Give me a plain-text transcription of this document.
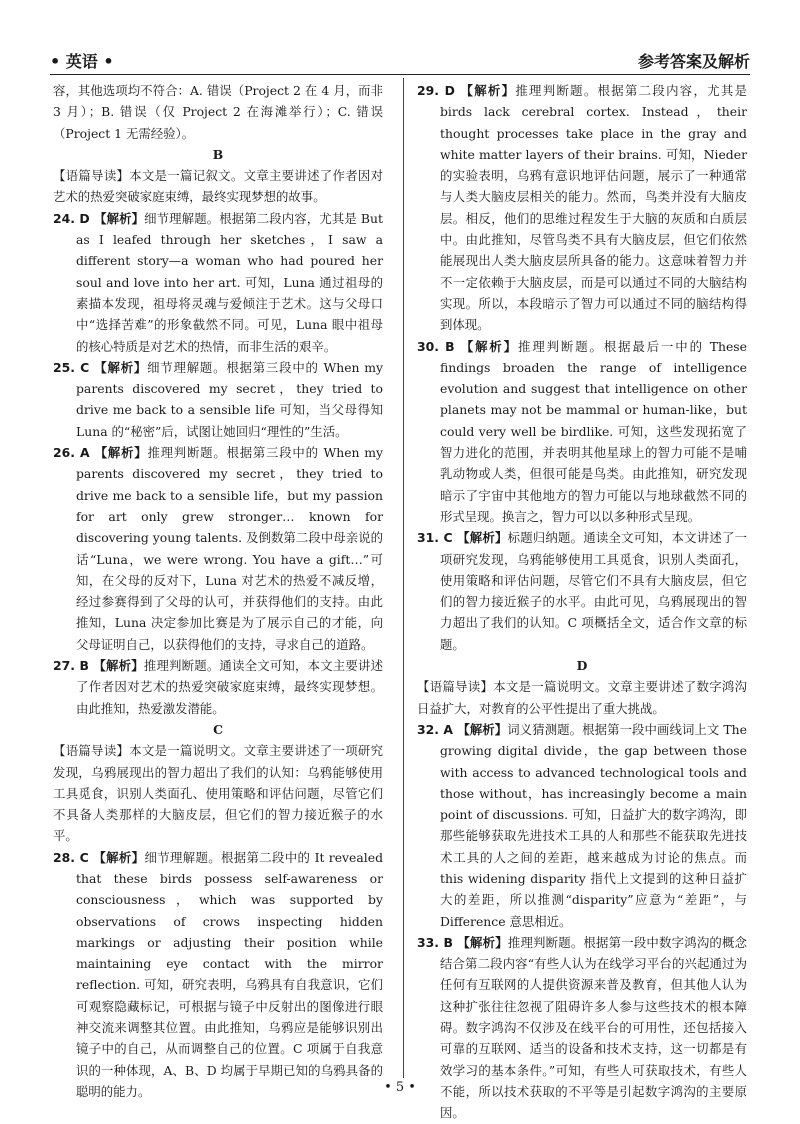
• 英语 •	参考答案及解析

容，其他选项均不符合：A. 错误（Project 2 在 4 月，而非 3 月）；B. 错误（仅 Project 2 在海滩举行）；C. 错误（Project 1 无需经验）。

B

【语篇导读】本文是一篇记叙文。文章主要讲述了作者因对艺术的热爱突破家庭束缚，最终实现梦想的故事。

24. D 【解析】细节理解题。根据第二段内容，尤其是 But as I leafed through her sketches，I saw a different story—a woman who had poured her soul and love into her art. 可知，Luna 通过祖母的素描本发现，祖母将灵魂与爱倾注于艺术。这与父母口中“选择苦难”的形象截然不同。可见，Luna 眼中祖母的核心特质是对艺术的热情，而非生活的艰辛。

25. C 【解析】细节理解题。根据第三段中的 When my parents discovered my secret，they tried to drive me back to a sensible life 可知，当父母得知 Luna 的“秘密”后，试图让她回归“理性的”生活。

26. A 【解析】推理判断题。根据第三段中的 When my parents discovered my secret，they tried to drive me back to a sensible life，but my passion for art only grew stronger… known for discovering young talents. 及倒数第二段中母亲说的话“Luna，we were wrong. You have a gift…”可知，在父母的反对下，Luna 对艺术的热爱不减反增，经过参赛得到了父母的认可，并获得他们的支持。由此推知，Luna 决定参加比赛是为了展示自己的才能，向父母证明自己，以获得他们的支持，寻求自己的道路。

27. B 【解析】推理判断题。通读全文可知，本文主要讲述了作者因对艺术的热爱突破家庭束缚，最终实现梦想。由此推知，热爱激发潜能。

C

【语篇导读】本文是一篇说明文。文章主要讲述了一项研究发现，乌鸦展现出的智力超出了我们的认知：乌鸦能够使用工具觅食，识别人类面孔、使用策略和评估问题，尽管它们不具备人类那样的大脑皮层，但它们的智力接近猴子的水平。

28. C 【解析】细节理解题。根据第二段中的 It revealed that these birds possess self-awareness or consciousness，which was supported by observations of crows inspecting hidden markings or adjusting their position while maintaining eye contact with the mirror reflection. 可知，研究表明，乌鸦具有自我意识，它们可观察隐藏标记，可根据与镜子中反射出的图像进行眼神交流来调整其位置。由此推知，乌鸦应是能够识别出镜子中的自己，从而调整自己的位置。C 项属于自我意识的一种体现，A、B、D 均属于早期已知的乌鸦具备的聪明的能力。

29. D 【解析】推理判断题。根据第二段内容，尤其是 birds lack cerebral cortex. Instead，their thought processes take place in the gray and white matter layers of their brains. 可知，Nieder 的实验表明，乌鸦有意识地评估问题，展示了一种通常与人类大脑皮层相关的能力。然而，鸟类并没有大脑皮层。相反，他们的思维过程发生于大脑的灰质和白质层中。由此推知，尽管鸟类不具有大脑皮层，但它们依然能展现出人类大脑皮层所具备的能力。这意味着智力并不一定依赖于大脑皮层，而是可以通过不同的大脑结构实现。所以，本段暗示了智力可以通过不同的脑结构得到体现。

30. B 【解析】推理判断题。根据最后一中的 These findings broaden the range of intelligence evolution and suggest that intelligence on other planets may not be mammal or human-like，but could very well be birdlike. 可知，这些发现拓宽了智力进化的范围，并表明其他星球上的智力可能不是哺乳动物或人类，但很可能是鸟类。由此推知，研究发现暗示了宇宙中其他地方的智力可能以与地球截然不同的形式呈现。换言之，智力可以以多种形式呈现。

31. C 【解析】标题归纳题。通读全文可知，本文讲述了一项研究发现，乌鸦能够使用工具觅食，识别人类面孔，使用策略和评估问题，尽管它们不具有大脑皮层，但它们的智力接近猴子的水平。由此可见，乌鸦展现出的智力超出了我们的认知。C 项概括全文，适合作文章的标题。

D

【语篇导读】本文是一篇说明文。文章主要讲述了数字鸿沟日益扩大，对教育的公平性提出了重大挑战。

32. A 【解析】词义猜测题。根据第一段中画线词上文 The growing digital divide，the gap between those with access to advanced technological tools and those without，has increasingly become a main point of discussions. 可知，日益扩大的数字鸿沟，即那些能够获取先进技术工具的人和那些不能获取先进技术工具的人之间的差距，越来越成为讨论的焦点。而 this widening disparity 指代上文提到的这种日益扩大的差距，所以推测“disparity”应意为“差距”，与 Difference 意思相近。

33. B 【解析】推理判断题。根据第一段中数字鸿沟的概念结合第二段内容“有些人认为在线学习平台的兴起通过为任何有互联网的人提供资源来普及教育，但其他人认为这种扩张往往忽视了阻碍许多人参与这些技术的根本障碍。数字鸿沟不仅涉及在线平台的可用性，还包括接入可靠的互联网、适当的设备和技术支持，这一切都是有效学习的基本条件。”可知，有些人可获取技术，有些人不能，所以技术获取的不平等是引起数字鸿沟的主要原因。

• 5 •
